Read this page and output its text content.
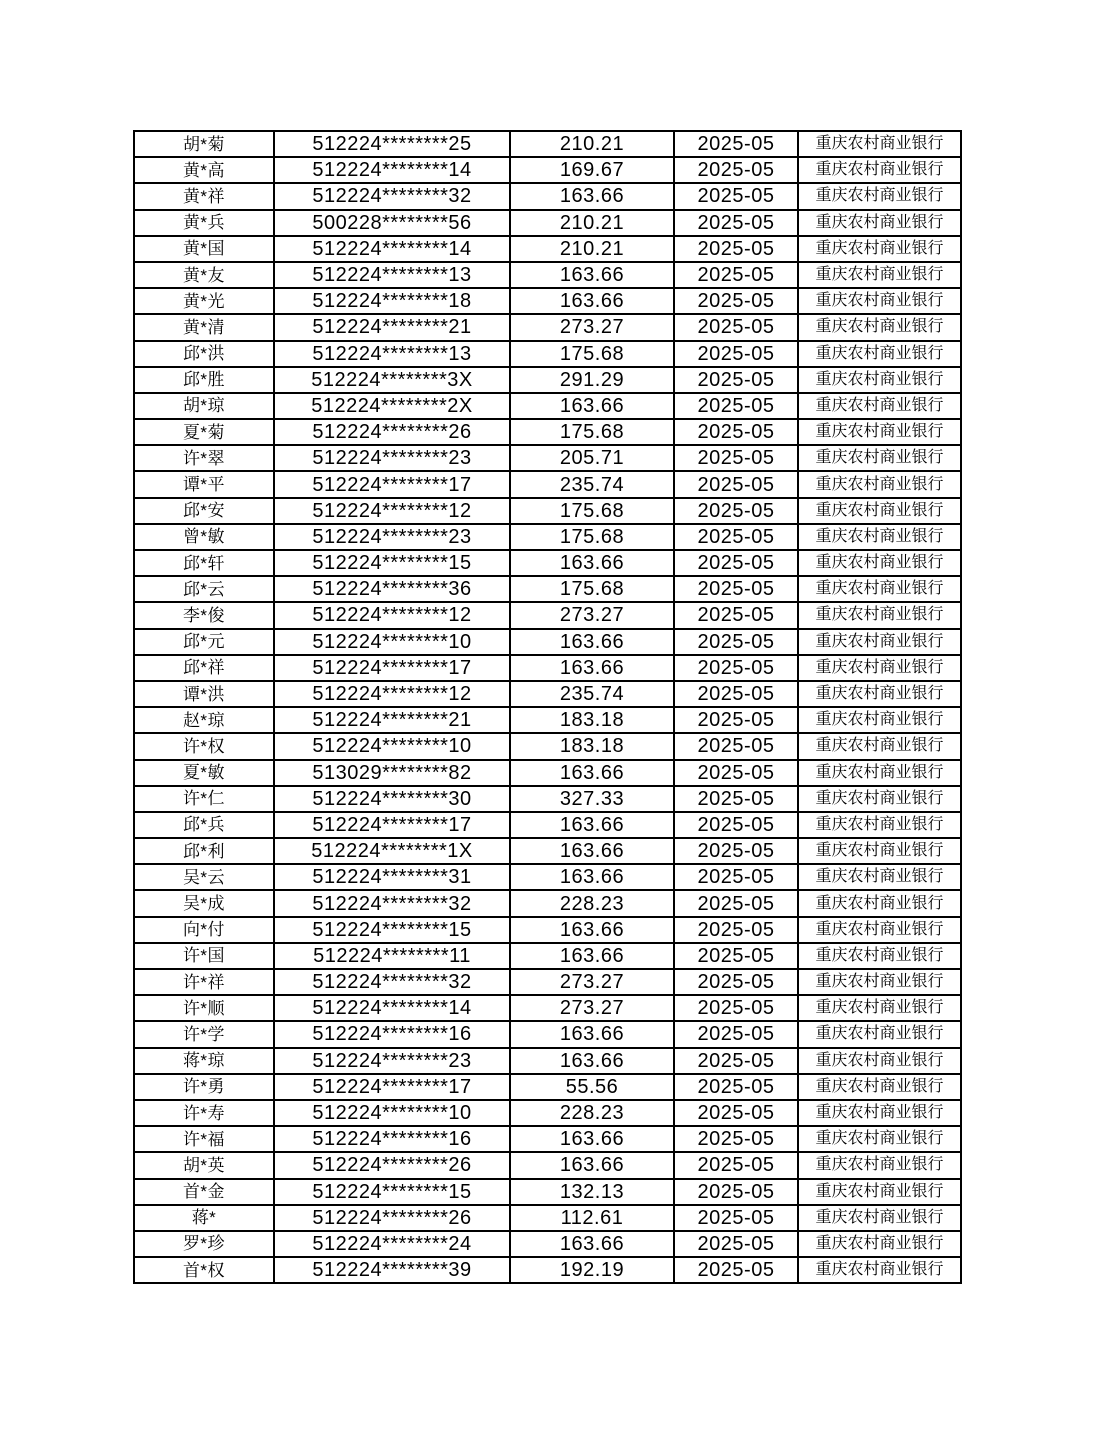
胡*菊	512224********25	210.21	2025-05	重庆农村商业银行
黄*高	512224********14	169.67	2025-05	重庆农村商业银行
黄*祥	512224********32	163.66	2025-05	重庆农村商业银行
黄*兵	500228********56	210.21	2025-05	重庆农村商业银行
黄*国	512224********14	210.21	2025-05	重庆农村商业银行
黄*友	512224********13	163.66	2025-05	重庆农村商业银行
黄*光	512224********18	163.66	2025-05	重庆农村商业银行
黄*清	512224********21	273.27	2025-05	重庆农村商业银行
邱*洪	512224********13	175.68	2025-05	重庆农村商业银行
邱*胜	512224********3X	291.29	2025-05	重庆农村商业银行
胡*琼	512224********2X	163.66	2025-05	重庆农村商业银行
夏*菊	512224********26	175.68	2025-05	重庆农村商业银行
许*翠	512224********23	205.71	2025-05	重庆农村商业银行
谭*平	512224********17	235.74	2025-05	重庆农村商业银行
邱*安	512224********12	175.68	2025-05	重庆农村商业银行
曾*敏	512224********23	175.68	2025-05	重庆农村商业银行
邱*轩	512224********15	163.66	2025-05	重庆农村商业银行
邱*云	512224********36	175.68	2025-05	重庆农村商业银行
李*俊	512224********12	273.27	2025-05	重庆农村商业银行
邱*元	512224********10	163.66	2025-05	重庆农村商业银行
邱*祥	512224********17	163.66	2025-05	重庆农村商业银行
谭*洪	512224********12	235.74	2025-05	重庆农村商业银行
赵*琼	512224********21	183.18	2025-05	重庆农村商业银行
许*权	512224********10	183.18	2025-05	重庆农村商业银行
夏*敏	513029********82	163.66	2025-05	重庆农村商业银行
许*仁	512224********30	327.33	2025-05	重庆农村商业银行
邱*兵	512224********17	163.66	2025-05	重庆农村商业银行
邱*利	512224********1X	163.66	2025-05	重庆农村商业银行
吴*云	512224********31	163.66	2025-05	重庆农村商业银行
吴*成	512224********32	228.23	2025-05	重庆农村商业银行
向*付	512224********15	163.66	2025-05	重庆农村商业银行
许*国	512224********11	163.66	2025-05	重庆农村商业银行
许*祥	512224********32	273.27	2025-05	重庆农村商业银行
许*顺	512224********14	273.27	2025-05	重庆农村商业银行
许*学	512224********16	163.66	2025-05	重庆农村商业银行
蒋*琼	512224********23	163.66	2025-05	重庆农村商业银行
许*勇	512224********17	55.56	2025-05	重庆农村商业银行
许*寿	512224********10	228.23	2025-05	重庆农村商业银行
许*福	512224********16	163.66	2025-05	重庆农村商业银行
胡*英	512224********26	163.66	2025-05	重庆农村商业银行
首*金	512224********15	132.13	2025-05	重庆农村商业银行
蒋*	512224********26	112.61	2025-05	重庆农村商业银行
罗*珍	512224********24	163.66	2025-05	重庆农村商业银行
首*权	512224********39	192.19	2025-05	重庆农村商业银行
